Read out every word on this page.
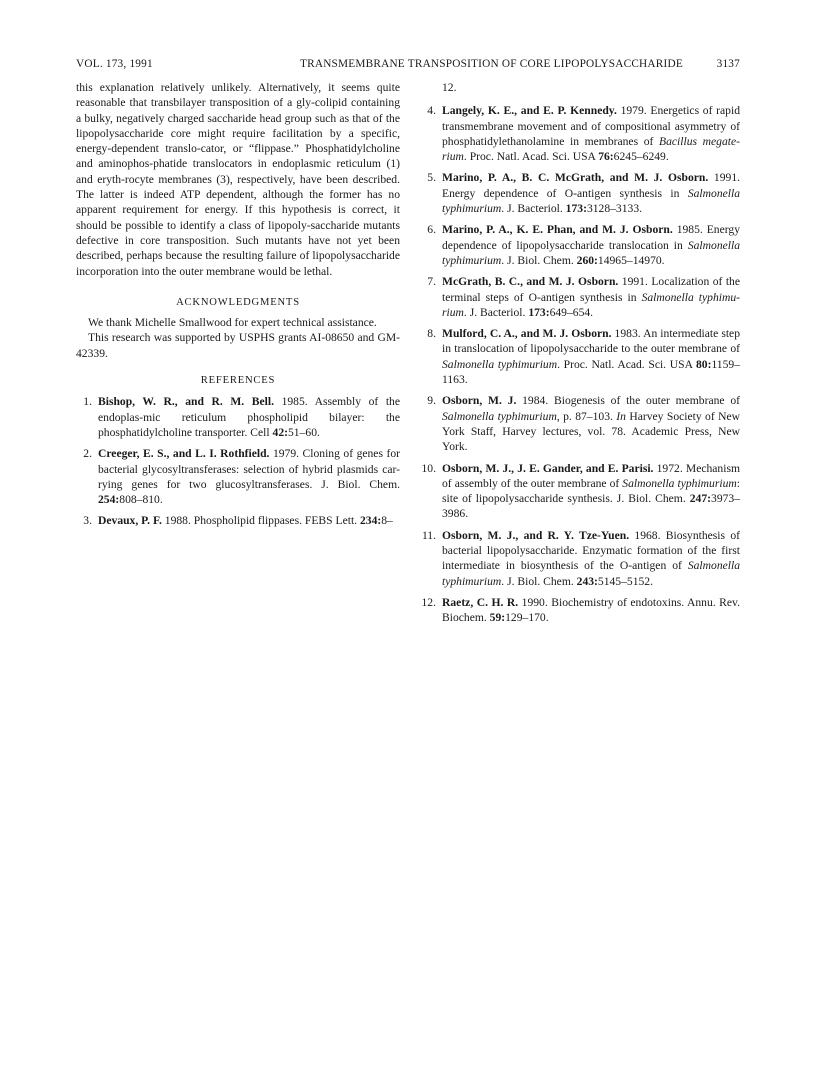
VOL. 173, 1991	TRANSMEMBRANE TRANSPOSITION OF CORE LIPOPOLYSACCHARIDE	3137

this explanation relatively unlikely. Alternatively, it seems quite reasonable that transbilayer transposition of a gly-colipid containing a bulky, negatively charged saccharide head group such as that of the lipopolysaccharide core might require facilitation by a specific, energy-dependent translo-cator, or “flippase.” Phosphatidylcholine and aminophos-phatide translocators in endoplasmic reticulum (1) and eryth-rocyte membranes (3), respectively, have been described. The latter is indeed ATP dependent, although the former has no apparent requirement for energy. If this hypothesis is correct, it should be possible to identify a class of lipopoly-saccharide mutants defective in core transposition. Such mutants have not yet been described, perhaps because the resulting failure of lipopolysaccharide incorporation into the outer membrane would be lethal.

ACKNOWLEDGMENTS

We thank Michelle Smallwood for expert technical assistance.

This research was supported by USPHS grants AI-08650 and GM-42339.

REFERENCES
1. Bishop, W. R., and R. M. Bell. 1985. Assembly of the endoplas-mic reticulum phospholipid bilayer: the phosphatidylcholine transporter. Cell 42:51–60.
2. Creeger, E. S., and L. I. Rothfield. 1979. Cloning of genes for bacterial glycosyltransferases: selection of hybrid plasmids car-rying genes for two glucosyltransferases. J. Biol. Chem. 254:808–810.
3. Devaux, P. F. 1988. Phospholipid flippases. FEBS Lett. 234:8–

12.

4. Langely, K. E., and E. P. Kennedy. 1979. Energetics of rapid transmembrane movement and of compositional asymmetry of phosphatidylethanolamine in membranes of Bacillus megate-rium. Proc. Natl. Acad. Sci. USA 76:6245–6249.
5. Marino, P. A., B. C. McGrath, and M. J. Osborn. 1991. Energy dependence of O-antigen synthesis in Salmonella typhimurium. J. Bacteriol. 173:3128–3133.
6. Marino, P. A., K. E. Phan, and M. J. Osborn. 1985. Energy dependence of lipopolysaccharide translocation in Salmonella typhimurium. J. Biol. Chem. 260:14965–14970.
7. McGrath, B. C., and M. J. Osborn. 1991. Localization of the terminal steps of O-antigen synthesis in Salmonella typhimu-rium. J. Bacteriol. 173:649–654.
8. Mulford, C. A., and M. J. Osborn. 1983. An intermediate step in translocation of lipopolysaccharide to the outer membrane of Salmonella typhimurium. Proc. Natl. Acad. Sci. USA 80:1159–1163.
9. Osborn, M. J. 1984. Biogenesis of the outer membrane of Salmonella typhimurium, p. 87–103. In Harvey Society of New York Staff, Harvey lectures, vol. 78. Academic Press, New York.
10. Osborn, M. J., J. E. Gander, and E. Parisi. 1972. Mechanism of assembly of the outer membrane of Salmonella typhimurium: site of lipopolysaccharide synthesis. J. Biol. Chem. 247:3973–3986.
11. Osborn, M. J., and R. Y. Tze-Yuen. 1968. Biosynthesis of bacterial lipopolysaccharide. Enzymatic formation of the first intermediate in biosynthesis of the O-antigen of Salmonella typhimurium. J. Biol. Chem. 243:5145–5152.
12. Raetz, C. H. R. 1990. Biochemistry of endotoxins. Annu. Rev. Biochem. 59:129–170.
